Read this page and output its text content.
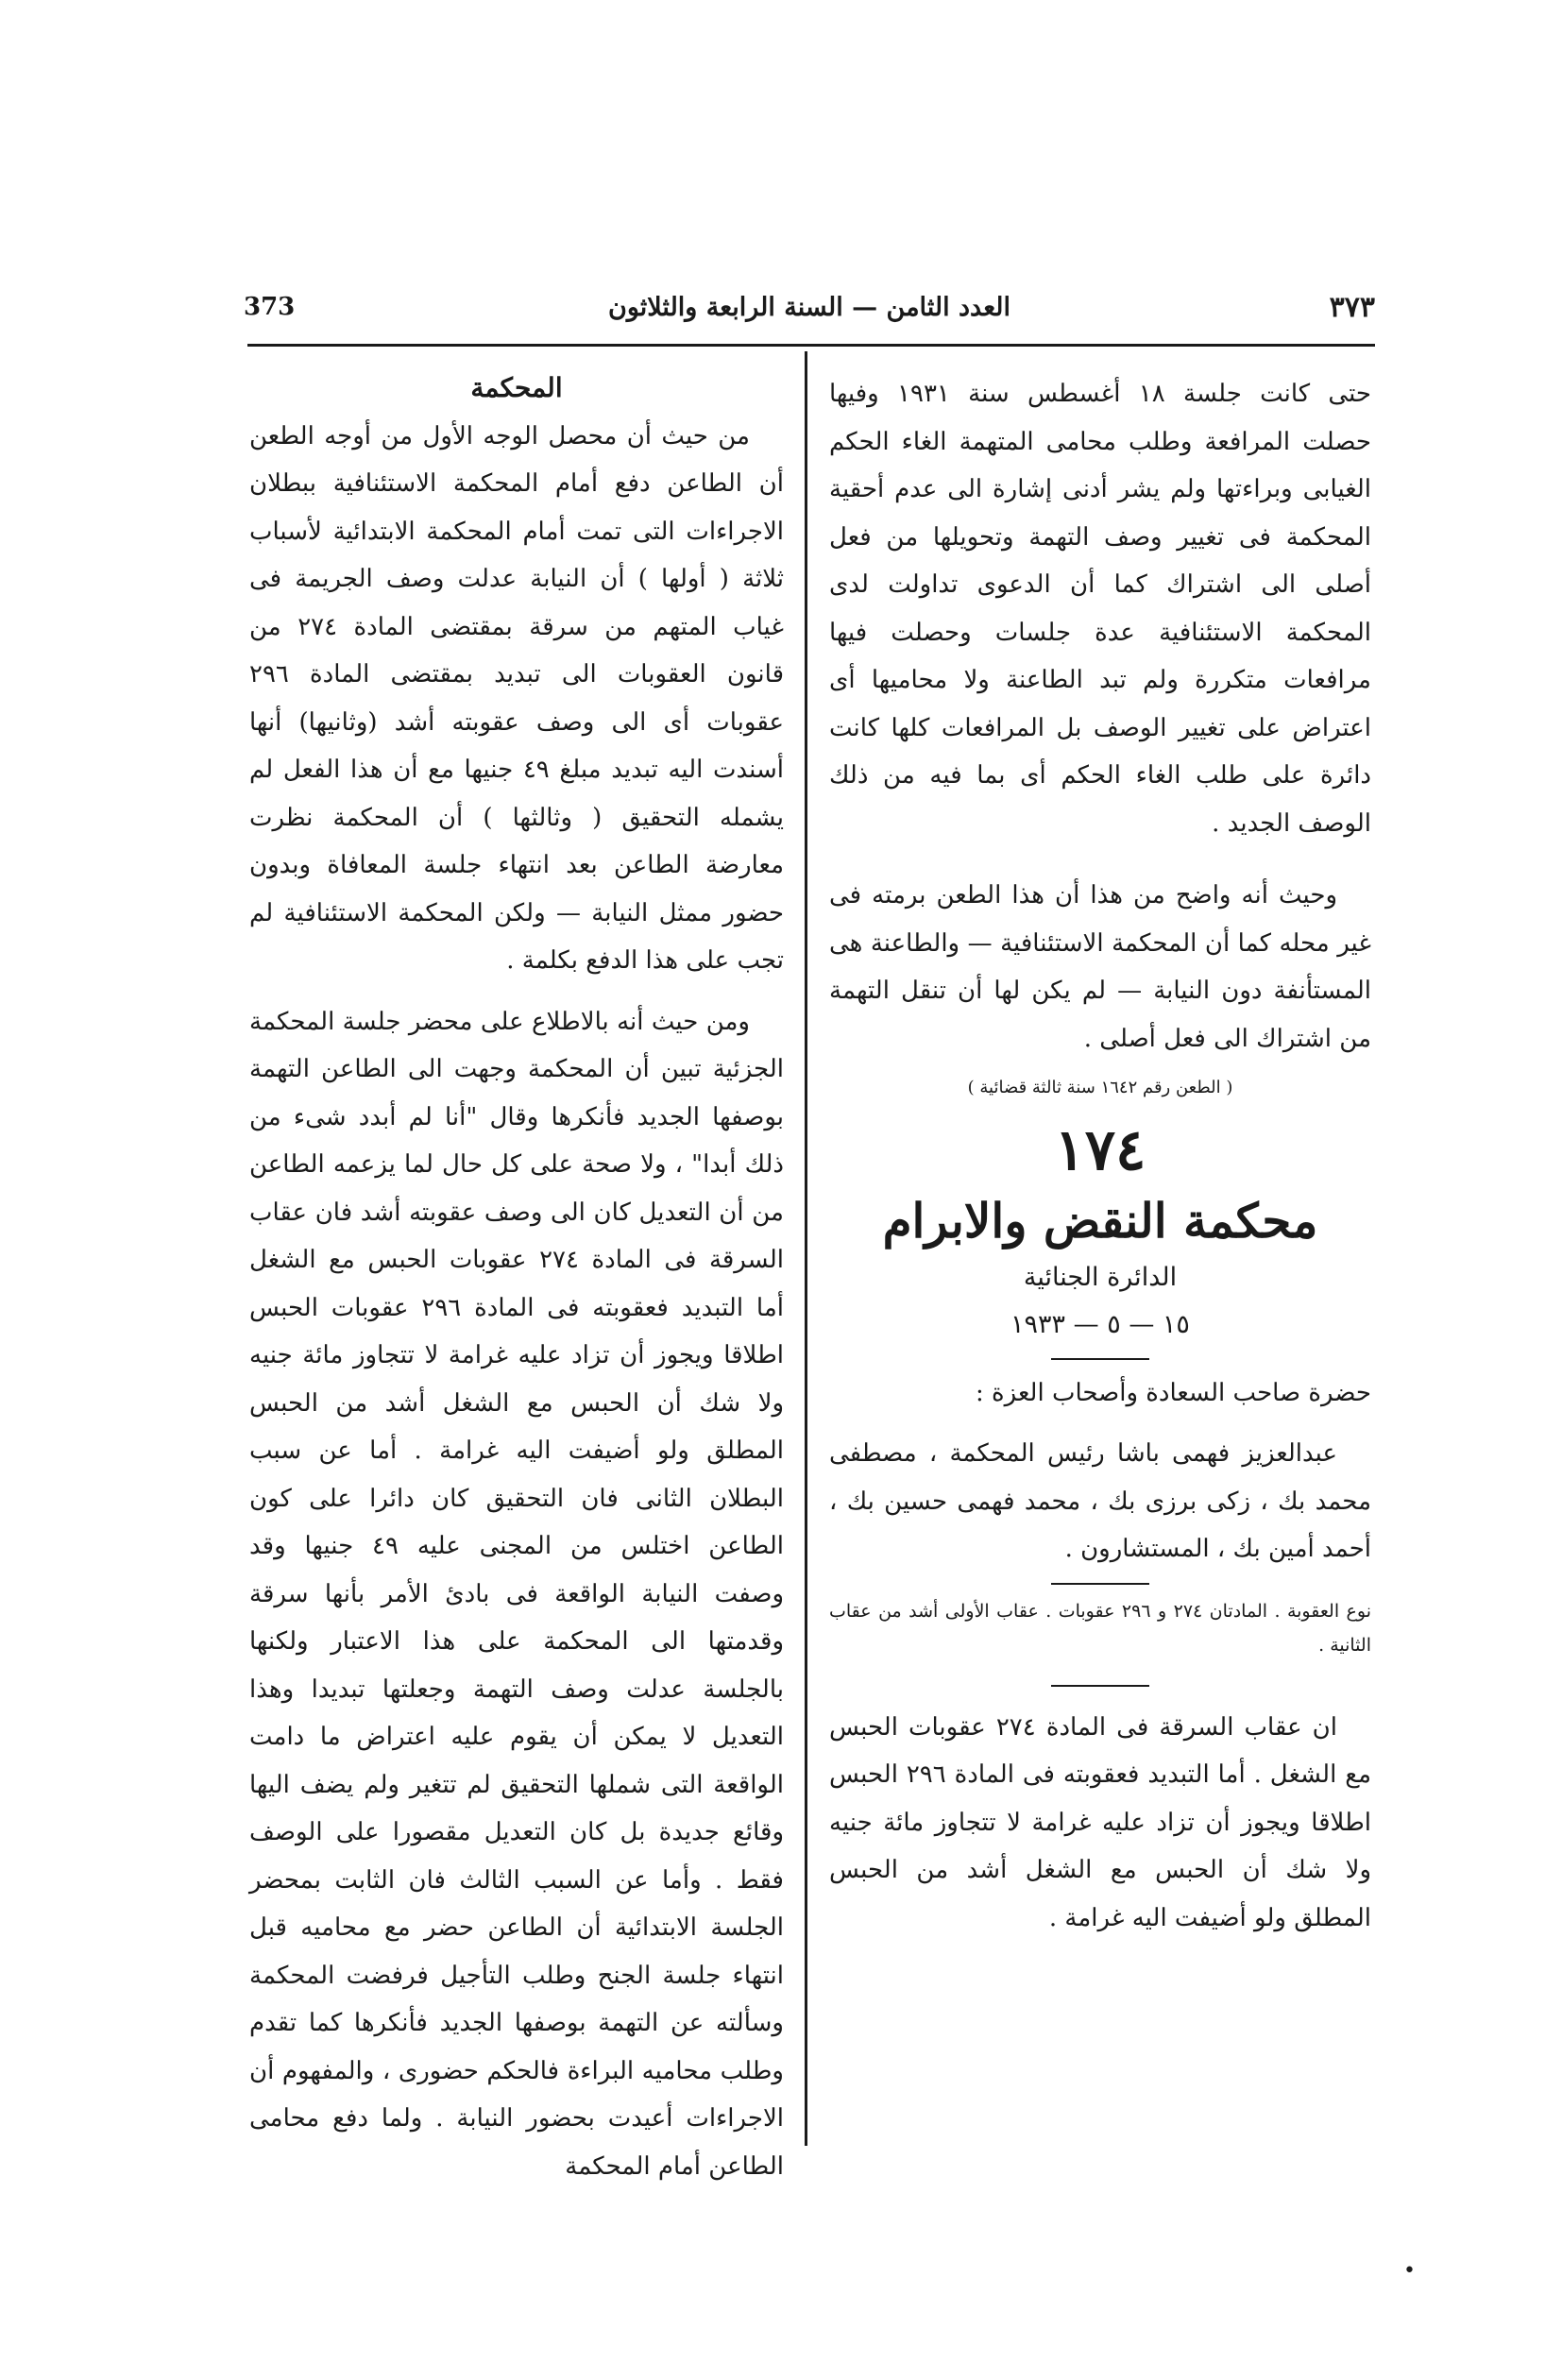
٣٧٣
العدد الثامن — السنة الرابعة والثلاثون
373

المحكمة

من حيث أن محصل الوجه الأول من أوجه الطعن أن الطاعن دفع أمام المحكمة الاستئنافية ببطلان الاجراءات التى تمت أمام المحكمة الابتدائية لأسباب ثلاثة ( أولها ) أن النيابة عدلت وصف الجريمة فى غياب المتهم من سرقة بمقتضى المادة ٢٧٤ من قانون العقوبات الى تبديد بمقتضى المادة ٢٩٦ عقوبات أى الى وصف عقوبته أشد (وثانيها) أنها أسندت اليه تبديد مبلغ ٤٩ جنيها مع أن هذا الفعل لم يشمله التحقيق ( وثالثها ) أن المحكمة نظرت معارضة الطاعن بعد انتهاء جلسة المعافاة وبدون حضور ممثل النيابة — ولكن المحكمة الاستئنافية لم تجب على هذا الدفع بكلمة .

ومن حيث أنه بالاطلاع على محضر جلسة المحكمة الجزئية تبين أن المحكمة وجهت الى الطاعن التهمة بوصفها الجديد فأنكرها وقال "أنا لم أبدد شىء من ذلك أبدا" ، ولا صحة على كل حال لما يزعمه الطاعن من أن التعديل كان الى وصف عقوبته أشد فان عقاب السرقة فى المادة ٢٧٤ عقوبات الحبس مع الشغل أما التبديد فعقوبته فى المادة ٢٩٦ عقوبات الحبس اطلاقا ويجوز أن تزاد عليه غرامة لا تتجاوز مائة جنيه ولا شك أن الحبس مع الشغل أشد من الحبس المطلق ولو أضيفت اليه غرامة . أما عن سبب البطلان الثانى فان التحقيق كان دائرا على كون الطاعن اختلس من المجنى عليه ٤٩ جنيها وقد وصفت النيابة الواقعة فى بادئ الأمر بأنها سرقة وقدمتها الى المحكمة على هذا الاعتبار ولكنها بالجلسة عدلت وصف التهمة وجعلتها تبديدا وهذا التعديل لا يمكن أن يقوم عليه اعتراض ما دامت الواقعة التى شملها التحقيق لم تتغير ولم يضف اليها وقائع جديدة بل كان التعديل مقصورا على الوصف فقط . وأما عن السبب الثالث فان الثابت بمحضر الجلسة الابتدائية أن الطاعن حضر مع محاميه قبل انتهاء جلسة الجنح وطلب التأجيل فرفضت المحكمة وسألته عن التهمة بوصفها الجديد فأنكرها كما تقدم وطلب محاميه البراءة فالحكم حضورى ، والمفهوم أن الاجراءات أعيدت بحضور النيابة . ولما دفع محامى الطاعن أمام المحكمة

حتى كانت جلسة ١٨ أغسطس سنة ١٩٣١ وفيها حصلت المرافعة وطلب محامى المتهمة الغاء الحكم الغيابى وبراءتها ولم يشر أدنى إشارة الى عدم أحقية المحكمة فى تغيير وصف التهمة وتحويلها من فعل أصلى الى اشتراك كما أن الدعوى تداولت لدى المحكمة الاستئنافية عدة جلسات وحصلت فيها مرافعات متكررة ولم تبد الطاعنة ولا محاميها أى اعتراض على تغيير الوصف بل المرافعات كلها كانت دائرة على طلب الغاء الحكم أى بما فيه من ذلك الوصف الجديد .

وحيث أنه واضح من هذا أن هذا الطعن برمته فى غير محله كما أن المحكمة الاستئنافية — والطاعنة هى المستأنفة دون النيابة — لم يكن لها أن تنقل التهمة من اشتراك الى فعل أصلى .

( الطعن رقم ١٦٤٢ سنة ثالثة قضائية )

١٧٤

محكمة النقض والابرام

الدائرة الجنائية

١٥ — ٥ — ١٩٣٣

حضرة صاحب السعادة وأصحاب العزة :

عبدالعزيز فهمى باشا رئيس المحكمة ، مصطفى محمد بك ، زكى برزى بك ، محمد فهمى حسين بك ، أحمد أمين بك ، المستشارون .

نوع العقوبة . المادتان ٢٧٤ و ٢٩٦ عقوبات . عقاب الأولى أشد من عقاب الثانية .

ان عقاب السرقة فى المادة ٢٧٤ عقوبات الحبس مع الشغل . أما التبديد فعقوبته فى المادة ٢٩٦ الحبس اطلاقا ويجوز أن تزاد عليه غرامة لا تتجاوز مائة جنيه ولا شك أن الحبس مع الشغل أشد من الحبس المطلق ولو أضيفت اليه غرامة .

•
